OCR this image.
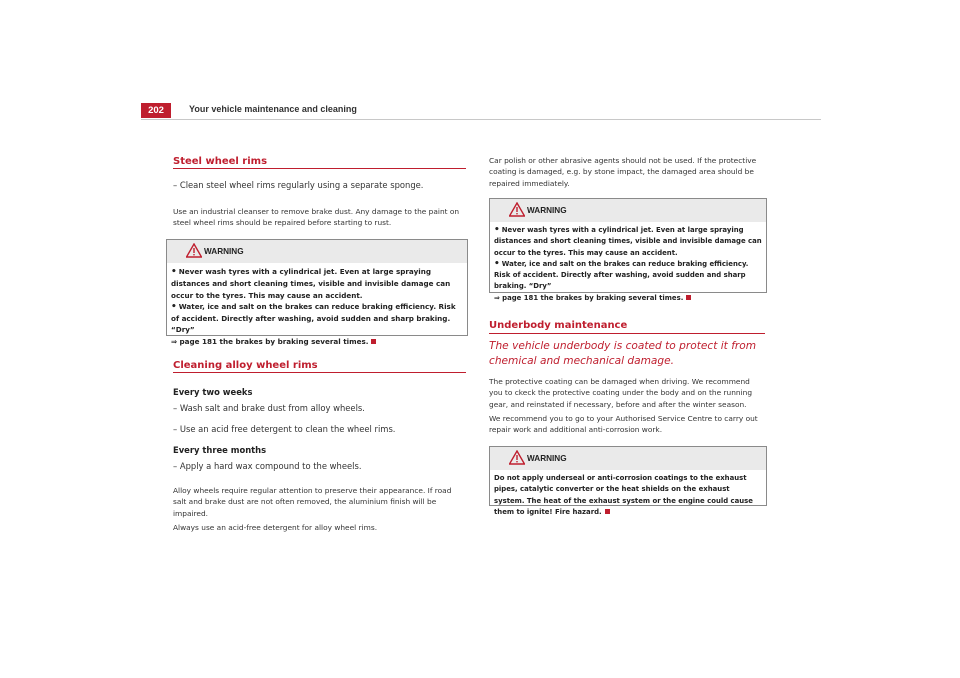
202	Your vehicle maintenance and cleaning
Steel wheel rims
– Clean steel wheel rims regularly using a separate sponge.
Use an industrial cleanser to remove brake dust. Any damage to the paint on steel wheel rims should be repaired before starting to rust.
WARNING
• Never wash tyres with a cylindrical jet. Even at large spraying distances and short cleaning times, visible and invisible damage can occur to the tyres. This may cause an accident.
• Water, ice and salt on the brakes can reduce braking efficiency. Risk of accident. Directly after washing, avoid sudden and sharp braking. “Dry”
⇒ page 181 the brakes by braking several times.
Cleaning alloy wheel rims
Every two weeks
– Wash salt and brake dust from alloy wheels.
– Use an acid free detergent to clean the wheel rims.
Every three months
– Apply a hard wax compound to the wheels.
Alloy wheels require regular attention to preserve their appearance. If road salt and brake dust are not often removed, the aluminium finish will be impaired.
Always use an acid-free detergent for alloy wheel rims.
Car polish or other abrasive agents should not be used. If the protective coating is damaged, e.g. by stone impact, the damaged area should be repaired immediately.
WARNING
• Never wash tyres with a cylindrical jet. Even at large spraying distances and short cleaning times, visible and invisible damage can occur to the tyres. This may cause an accident.
• Water, ice and salt on the brakes can reduce braking efficiency. Risk of accident. Directly after washing, avoid sudden and sharp braking. “Dry”
⇒ page 181 the brakes by braking several times.
Underbody maintenance
The vehicle underbody is coated to protect it from chemical and mechanical damage.
The protective coating can be damaged when driving. We recommend you to ckeck the protective coating under the body and on the running gear, and reinstated if necessary, before and after the winter season.
We recommend you to go to your Authorised Service Centre to carry out repair work and additional anti-corrosion work.
WARNING
Do not apply underseal or anti-corrosion coatings to the exhaust pipes, catalytic converter or the heat shields on the exhaust system. The heat of the exhaust system or the engine could cause them to ignite! Fire hazard.
